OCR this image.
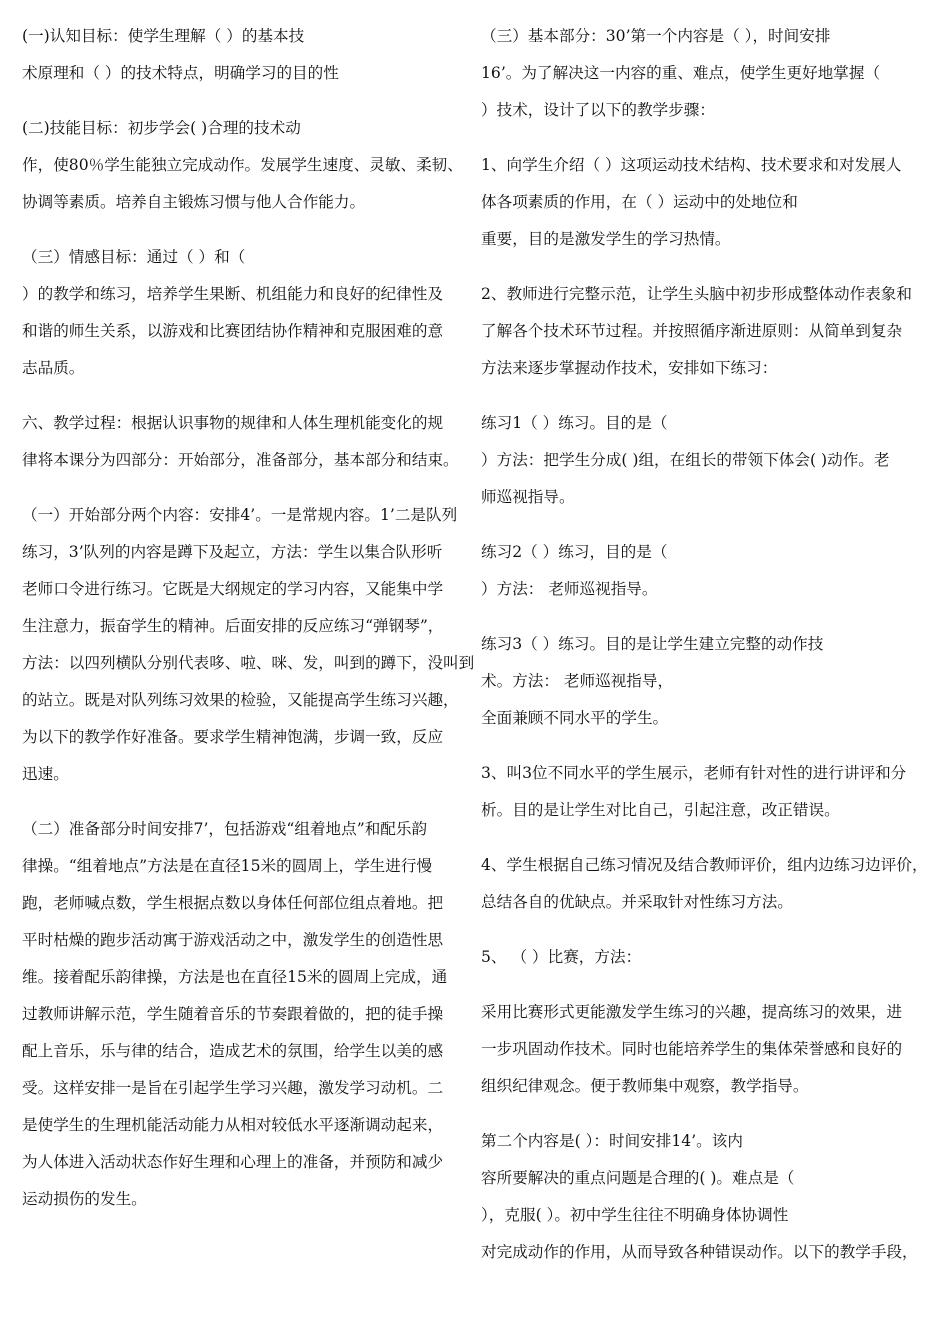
(一)认知目标：使学生理解（ ）的基本技

术原理和（ ）的技术特点，明确学习的目的性

(二)技能目标：初步学会( )合理的技术动

作，使80％学生能独立完成动作。发展学生速度、灵敏、柔韧、

协调等素质。培养自主锻炼习惯与他人合作能力。

（三）情感目标：通过（ ）和（

）的教学和练习，培养学生果断、机组能力和良好的纪律性及

和谐的师生关系，以游戏和比赛团结协作精神和克服困难的意

志品质。

六、教学过程：根据认识事物的规律和人体生理机能变化的规

律将本课分为四部分：开始部分，准备部分，基本部分和结束。

（一）开始部分两个内容：安排4’。一是常规内容。1’二是队列

练习，3’队列的内容是蹲下及起立，方法：学生以集合队形听

老师口令进行练习。它既是大纲规定的学习内容，又能集中学

生注意力，振奋学生的精神。后面安排的反应练习“弹钢琴”，

方法：以四列横队分别代表哆、啦、咪、发，叫到的蹲下，没叫到

的站立。既是对队列练习效果的检验，又能提高学生练习兴趣，

为以下的教学作好准备。要求学生精神饱满，步调一致，反应

迅速。

（二）准备部分时间安排7’，包括游戏“组着地点”和配乐韵

律操。“组着地点”方法是在直径15米的圆周上，学生进行慢

跑，老师喊点数，学生根据点数以身体任何部位组点着地。把

平时枯燥的跑步活动寓于游戏活动之中，激发学生的创造性思

维。接着配乐韵律操，方法是也在直径15米的圆周上完成，通

过教师讲解示范，学生随着音乐的节奏跟着做的，把的徒手操

配上音乐，乐与律的结合，造成艺术的氛围，给学生以美的感

受。这样安排一是旨在引起学生学习兴趣，激发学习动机。二

是使学生的生理机能活动能力从相对较低水平逐渐调动起来，

为人体进入活动状态作好生理和心理上的准备，并预防和减少

运动损伤的发生。

（三）基本部分：30’第一个内容是（ ），时间安排

16’。为了解决这一内容的重、难点，使学生更好地掌握（

）技术，设计了以下的教学步骤：

1、向学生介绍（ ）这项运动技术结构、技术要求和对发展人

体各项素质的作用，在（ ）运动中的处地位和

重要，目的是激发学生的学习热情。

2、教师进行完整示范，让学生头脑中初步形成整体动作表象和

了解各个技术环节过程。并按照循序渐进原则：从简单到复杂

方法来逐步掌握动作技术，安排如下练习：

练习1（ ）练习。目的是（

）方法：把学生分成( )组，在组长的带领下体会( )动作。老

师巡视指导。

练习2（ ）练习，目的是（

）方法： 老师巡视指导。

练习3（ ）练习。目的是让学生建立完整的动作技

术。方法： 老师巡视指导，

全面兼顾不同水平的学生。

3、叫3位不同水平的学生展示，老师有针对性的进行讲评和分

析。目的是让学生对比自己，引起注意，改正错误。

4、学生根据自己练习情况及结合教师评价，组内边练习边评价，

总结各自的优缺点。并采取针对性练习方法。

5、 （ ）比赛，方法：

采用比赛形式更能激发学生练习的兴趣，提高练习的效果，进

一步巩固动作技术。同时也能培养学生的集体荣誉感和良好的

组织纪律观念。便于教师集中观察，教学指导。

第二个内容是( ）：时间安排14’。该内

容所要解决的重点问题是合理的( )。难点是（

），克服( ）。初中学生往往不明确身体协调性

对完成动作的作用，从而导致各种错误动作。以下的教学手段，
